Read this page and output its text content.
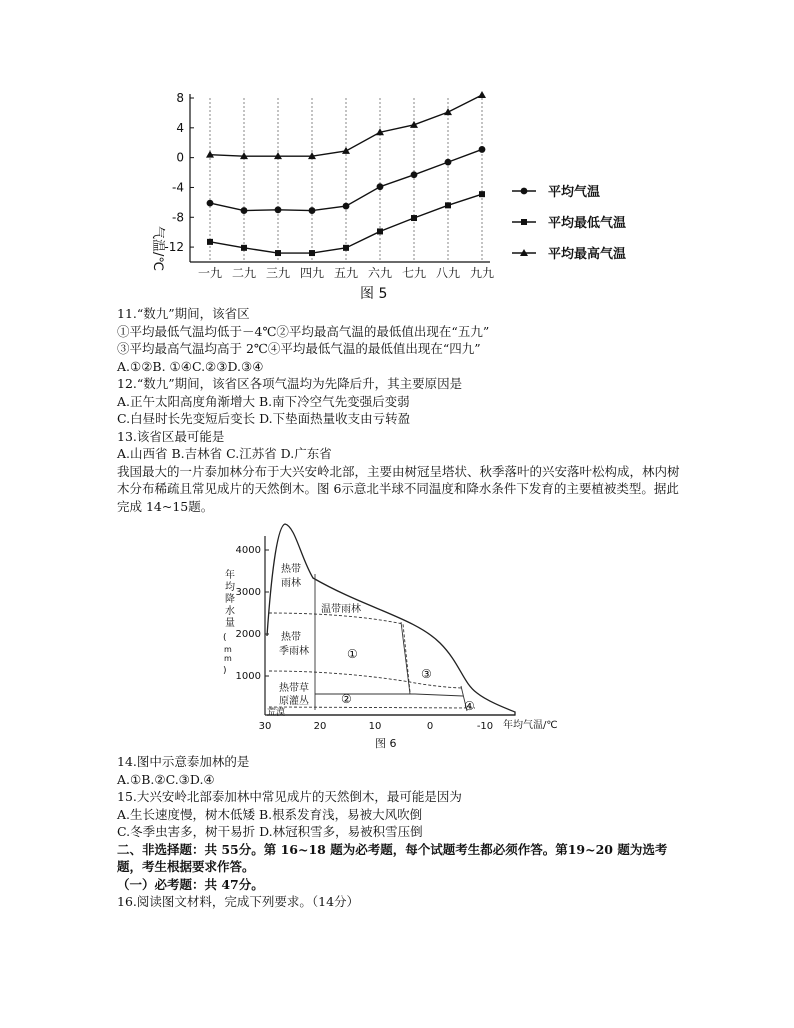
8
4
0
-4
-8
-12
一九 二九 三九 四九 五九 六九 七九 八九 九九
气温/℃
平均气温
平均最低气温
平均最高气温
图 5
4000
3000
2000
1000
年 均 降 水 量 ( m m )
30	20	10	0	-10 年均气温/℃
热带
雨林
温带雨林
热带
季雨林
热带草
原灌丛
荒漠
①
②
③
④
图 6

11.“数九”期间，该省区

①平均最低气温均低于－4℃②平均最高气温的最低值出现在“五九”

③平均最高气温均高于 2℃④平均最低气温的最低值出现在“四九”

A.①②B. ①④C.②③D.③④

12.“数九”期间，该省区各项气温均为先降后升，其主要原因是

A.正午太阳高度角渐增大 B.南下冷空气先变强后变弱

C.白昼时长先变短后变长 D.下垫面热量收支由亏转盈

13.该省区最可能是

A.山西省 B.吉林省 C.江苏省 D.广东省

我国最大的一片泰加林分布于大兴安岭北部，主要由树冠呈塔状、秋季落叶的兴安落叶松构成，林内树木分布稀疏且常见成片的天然倒木。图 6示意北半球不同温度和降水条件下发育的主要植被类型。据此完成 14~15题。

14.图中示意泰加林的是

A.①B.②C.③D.④

15.大兴安岭北部泰加林中常见成片的天然倒木，最可能是因为

A.生长速度慢，树木低矮 B.根系发育浅，易被大风吹倒

C.冬季虫害多，树干易折 D.林冠积雪多，易被积雪压倒

二、非选择题：共 55分。第 16~18 题为必考题，每个试题考生都必须作答。第19~20 题为选考题，考生根据要求作答。

（一）必考题：共 47分。

16.阅读图文材料，完成下列要求。（14分）
